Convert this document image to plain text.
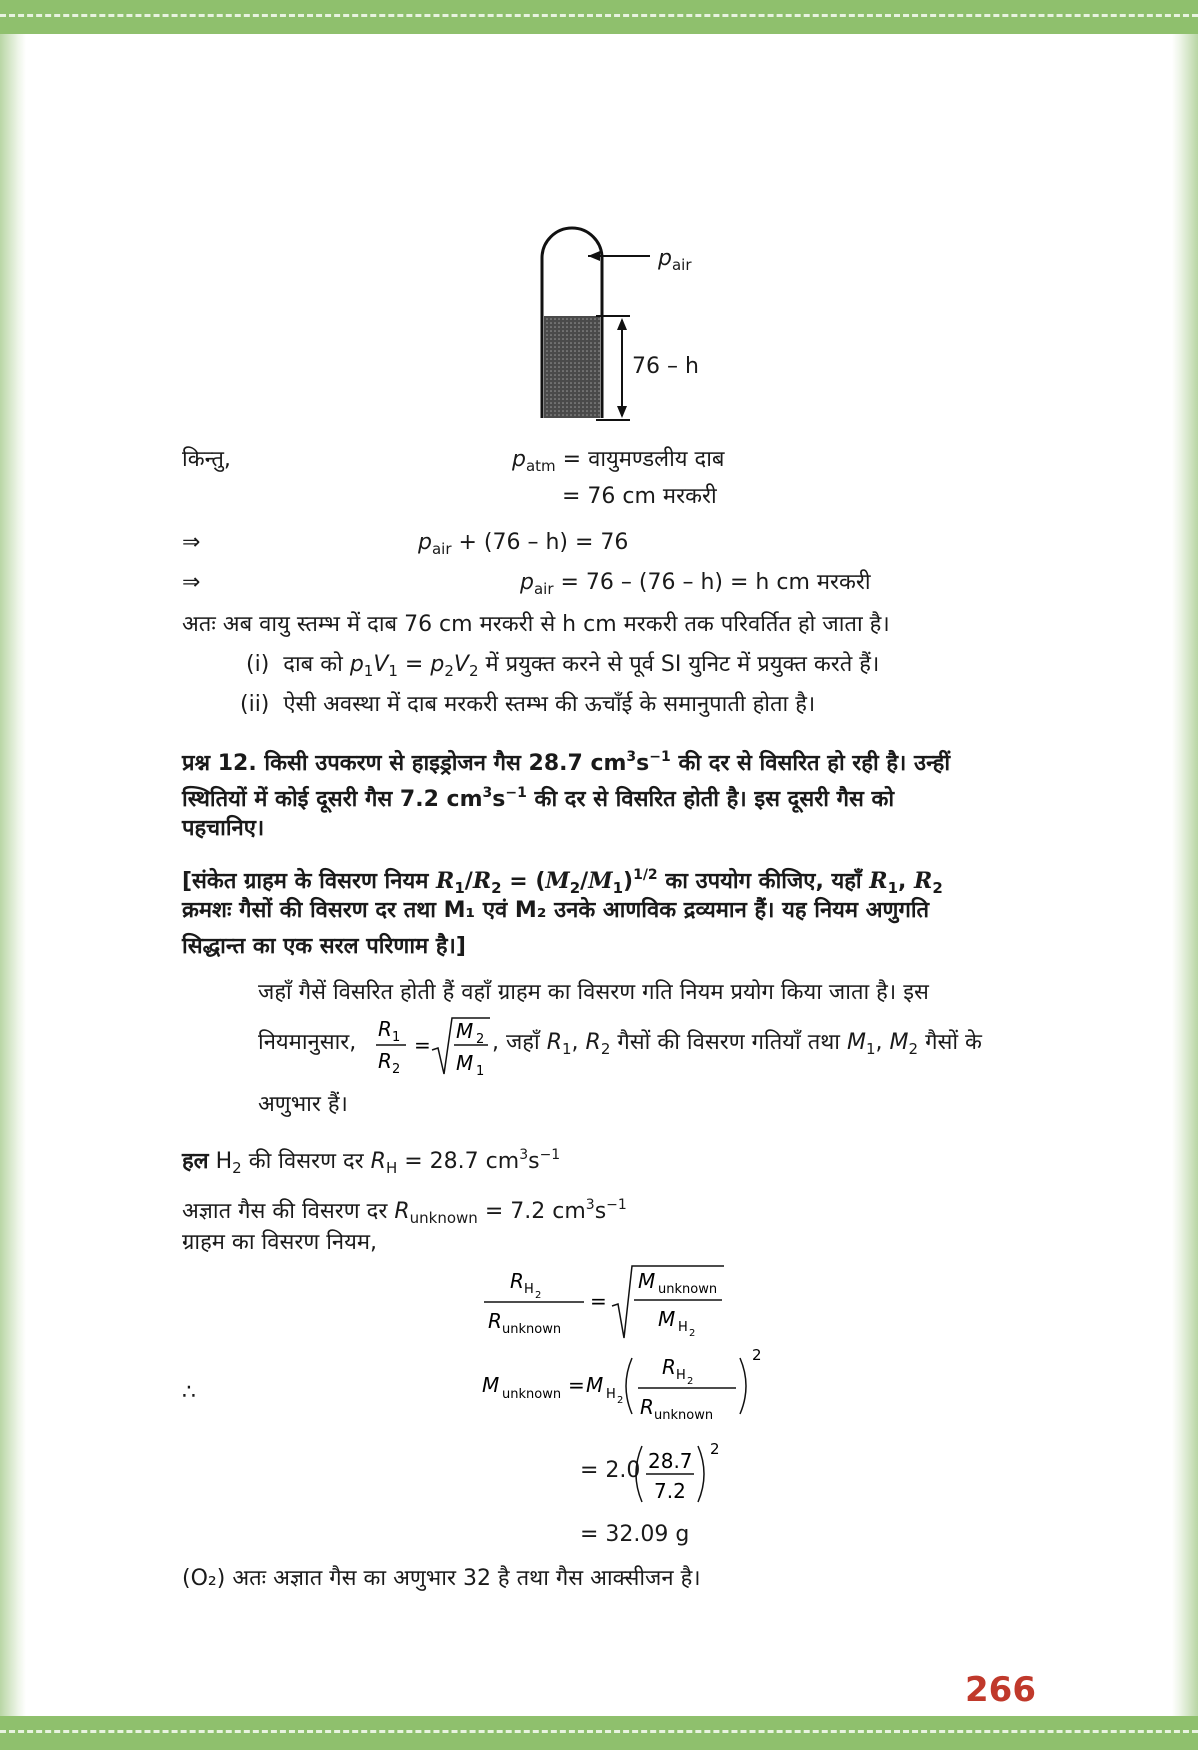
$p_{air}$
76 – h
किन्तु,	$p_{atm}$ = वायुमण्डलीय दाब
= 76 cm मरकरी
⇒	$p_{air} + (76 - h) = 76$
⇒	$p_{air} = 76 - (76 - h) = h$ cm मरकरी
अतः अब वायु स्तम्भ में दाब 76 cm मरकरी से h cm मरकरी तक परिवर्तित हो जाता है।
(i) दाब को $p_1V_1 = p_2V_2$ में प्रयुक्त करने से पूर्व SI युनिट में प्रयुक्त करते हैं।
(ii) ऐसी अवस्था में दाब मरकरी स्तम्भ की ऊचाँई के समानुपाती होता है।
प्रश्न 12. किसी उपकरण से हाइड्रोजन गैस 28.7 $cm^3s^{-1}$ की दर से विसरित हो रही है। उन्हीं
स्थितियों में कोई दूसरी गैस 7.2 $cm^3s^{-1}$ की दर से विसरित होती है। इस दूसरी गैस को
पहचानिए।
[संकेत ग्राहम के विसरण नियम $R_1/R_2 = (M_2/M_1)^{1/2}$ का उपयोग कीजिए, यहाँ $R_1$, $R_2$
क्रमशः गैसों की विसरण दर तथा M₁ एवं M₂ उनके आणविक द्रव्यमान हैं। यह नियम अणुगति
सिद्धान्त का एक सरल परिणाम है।]
जहाँ गैसें विसरित होती हैं वहाँ ग्राहम का विसरण गति नियम प्रयोग किया जाता है। इस
नियमानुसार,
R 1
R 2
=
M 2
M 1
, जहाँ $R_1$, $R_2$ गैसों की विसरण गतियाँ तथा $M_1$, $M_2$ गैसों के
अणुभार हैं।
हल $H_2$ की विसरण दर $R_H = 28.7$ $cm^3s^{-1}$
अज्ञात गैस की विसरण दर $R_{unknown} = 7.2$ $cm^3s^{-1}$
ग्राहम का विसरण नियम,
R H 2
R unknown
=
M unknown
M H 2
∴	M unknown = M H 2
R H 2
R unknown
2
= 2.0 28.7
7.2
2
= 32.09 g
(O₂) अतः अज्ञात गैस का अणुभार 32 है तथा गैस आक्सीजन है।
266
